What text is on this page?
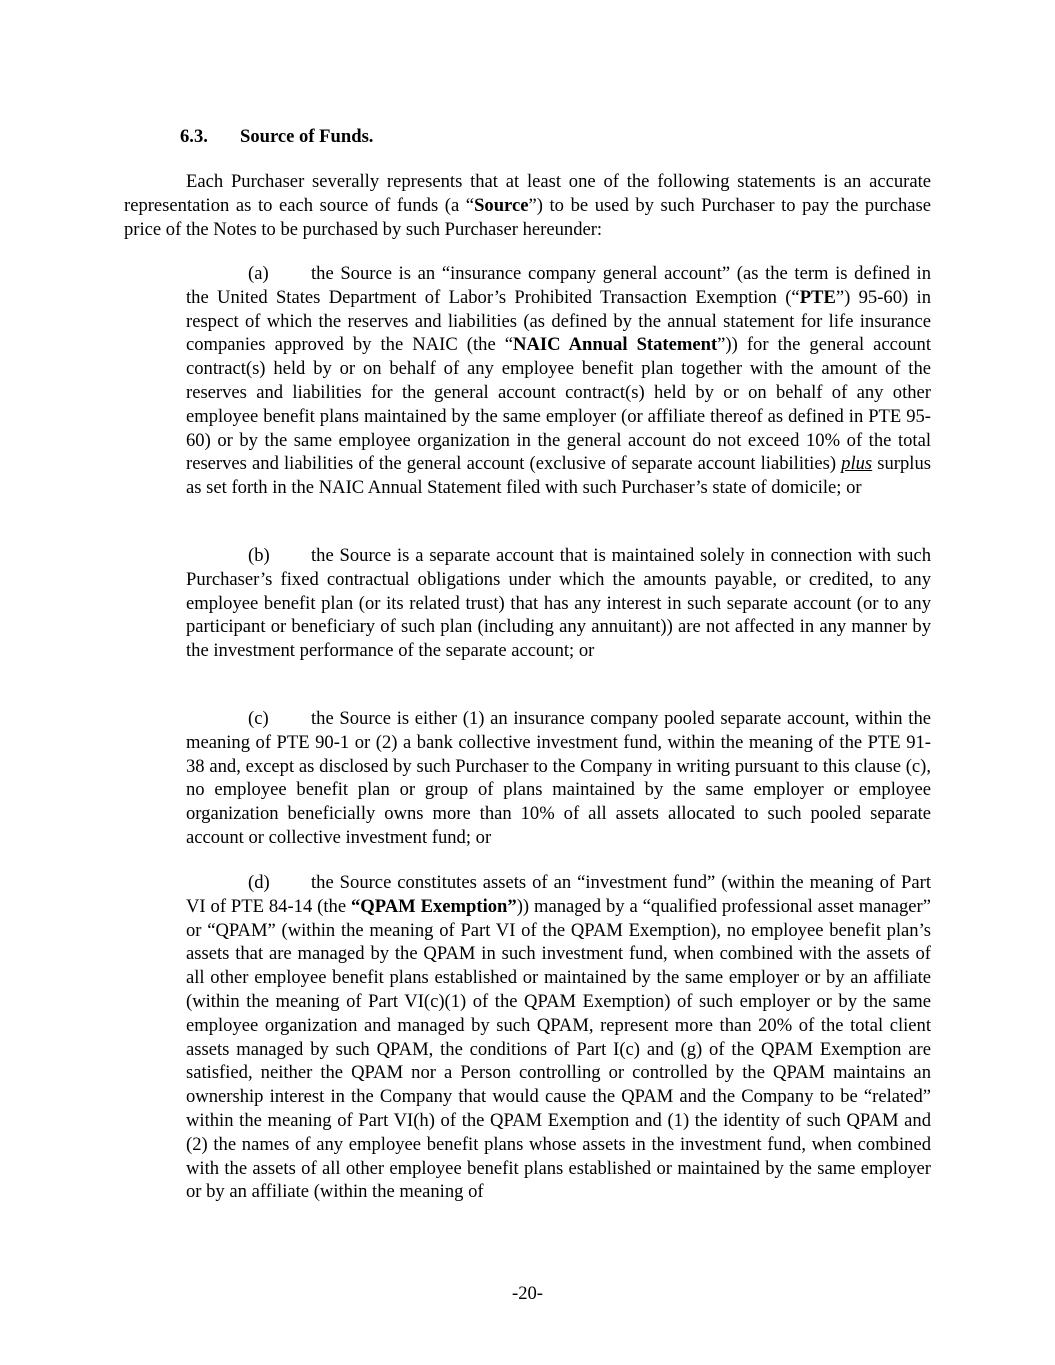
6.3. Source of Funds.

Each Purchaser severally represents that at least one of the following statements is an accurate representation as to each source of funds (a “Source”) to be used by such Purchaser to pay the purchase price of the Notes to be purchased by such Purchaser hereunder:

(a) the Source is an “insurance company general account” (as the term is defined in the United States Department of Labor’s Prohibited Transaction Exemption (“PTE”) 95-60) in respect of which the reserves and liabilities (as defined by the annual statement for life insurance companies approved by the NAIC (the “NAIC Annual Statement”)) for the general account contract(s) held by or on behalf of any employee benefit plan together with the amount of the reserves and liabilities for the general account contract(s) held by or on behalf of any other employee benefit plans maintained by the same employer (or affiliate thereof as defined in PTE 95-60) or by the same employee organization in the general account do not exceed 10% of the total reserves and liabilities of the general account (exclusive of separate account liabilities) plus surplus as set forth in the NAIC Annual Statement filed with such Purchaser’s state of domicile; or

(b) the Source is a separate account that is maintained solely in connection with such Purchaser’s fixed contractual obligations under which the amounts payable, or credited, to any employee benefit plan (or its related trust) that has any interest in such separate account (or to any participant or beneficiary of such plan (including any annuitant)) are not affected in any manner by the investment performance of the separate account; or

(c) the Source is either (1) an insurance company pooled separate account, within the meaning of PTE 90-1 or (2) a bank collective investment fund, within the meaning of the PTE 91-38 and, except as disclosed by such Purchaser to the Company in writing pursuant to this clause (c), no employee benefit plan or group of plans maintained by the same employer or employee organization beneficially owns more than 10% of all assets allocated to such pooled separate account or collective investment fund; or

(d) the Source constitutes assets of an “investment fund” (within the meaning of Part VI of PTE 84-14 (the “QPAM Exemption”)) managed by a “qualified professional asset manager” or “QPAM” (within the meaning of Part VI of the QPAM Exemption), no employee benefit plan’s assets that are managed by the QPAM in such investment fund, when combined with the assets of all other employee benefit plans established or maintained by the same employer or by an affiliate (within the meaning of Part VI(c)(1) of the QPAM Exemption) of such employer or by the same employee organization and managed by such QPAM, represent more than 20% of the total client assets managed by such QPAM, the conditions of Part I(c) and (g) of the QPAM Exemption are satisfied, neither the QPAM nor a Person controlling or controlled by the QPAM maintains an ownership interest in the Company that would cause the QPAM and the Company to be “related” within the meaning of Part VI(h) of the QPAM Exemption and (1) the identity of such QPAM and (2) the names of any employee benefit plans whose assets in the investment fund, when combined with the assets of all other employee benefit plans established or maintained by the same employer or by an affiliate (within the meaning of

-20-
